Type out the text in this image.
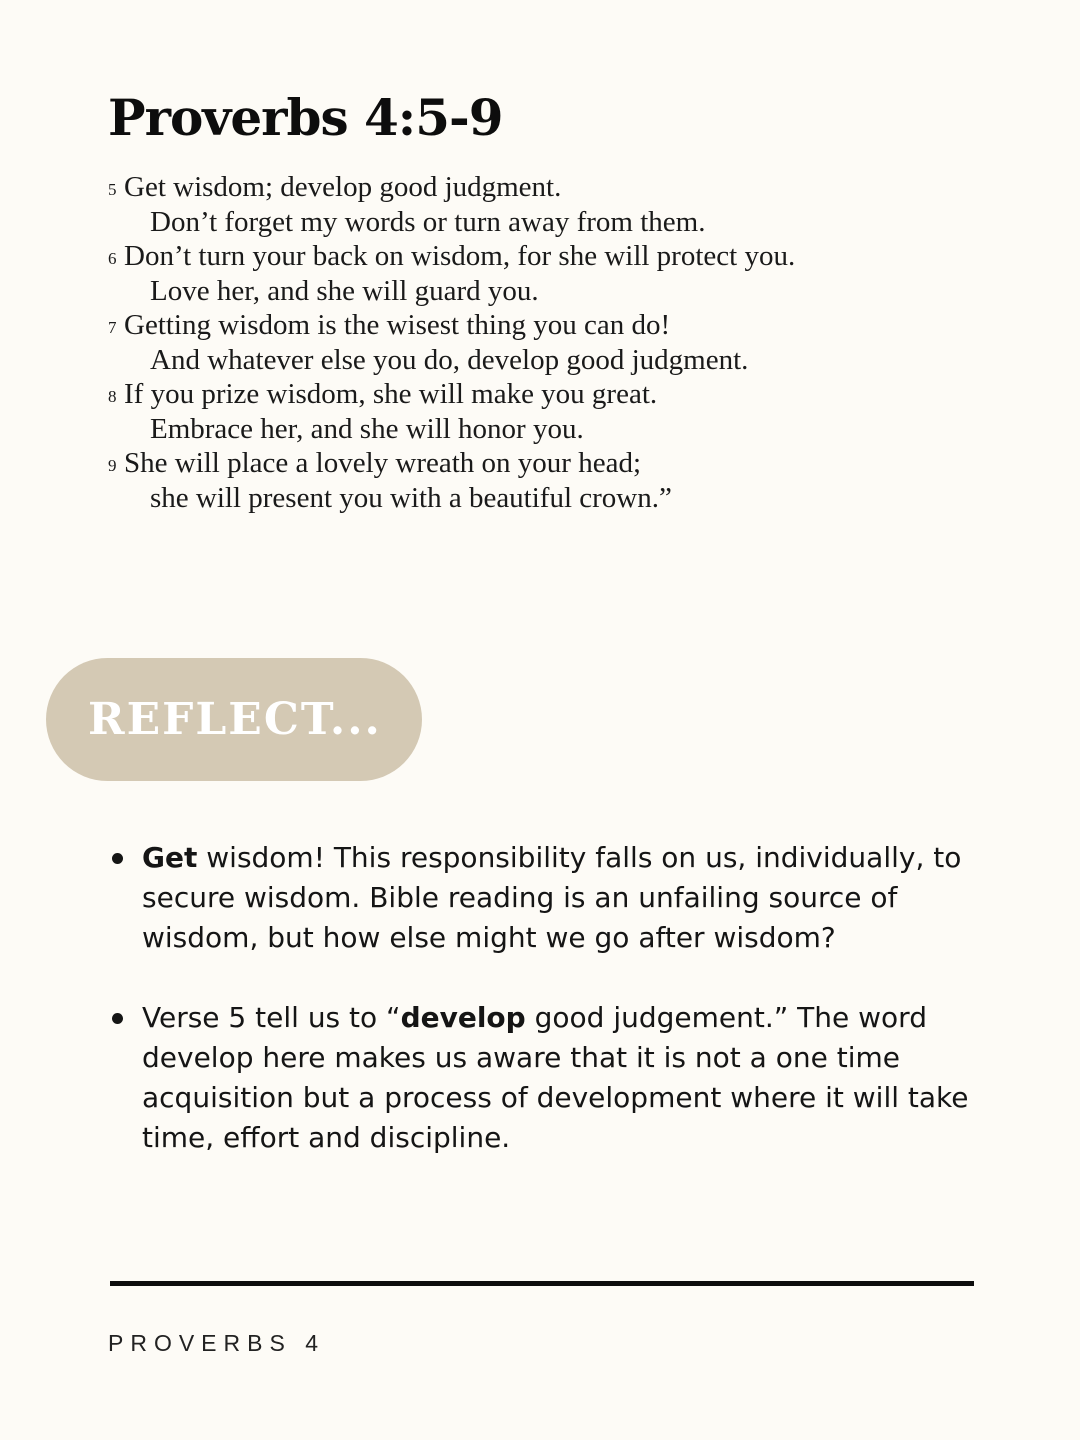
Proverbs 4:5-9

5 Get wisdom; develop good judgment.
Don’t forget my words or turn away from them.

6 Don’t turn your back on wisdom, for she will protect you.
Love her, and she will guard you.

7 Getting wisdom is the wisest thing you can do!
And whatever else you do, develop good judgment.

8 If you prize wisdom, she will make you great.
Embrace her, and she will honor you.

9 She will place a lovely wreath on your head;
she will present you with a beautiful crown.”

REFLECT...
Get wisdom! This responsibility falls on us, individually, to secure wisdom. Bible reading is an unfailing source of wisdom, but how else might we go after wisdom?
Verse 5 tell us to “develop good judgement.” The word develop here makes us aware that it is not a one time acquisition but a process of development where it will take time, effort and discipline.
PROVERBS 4
